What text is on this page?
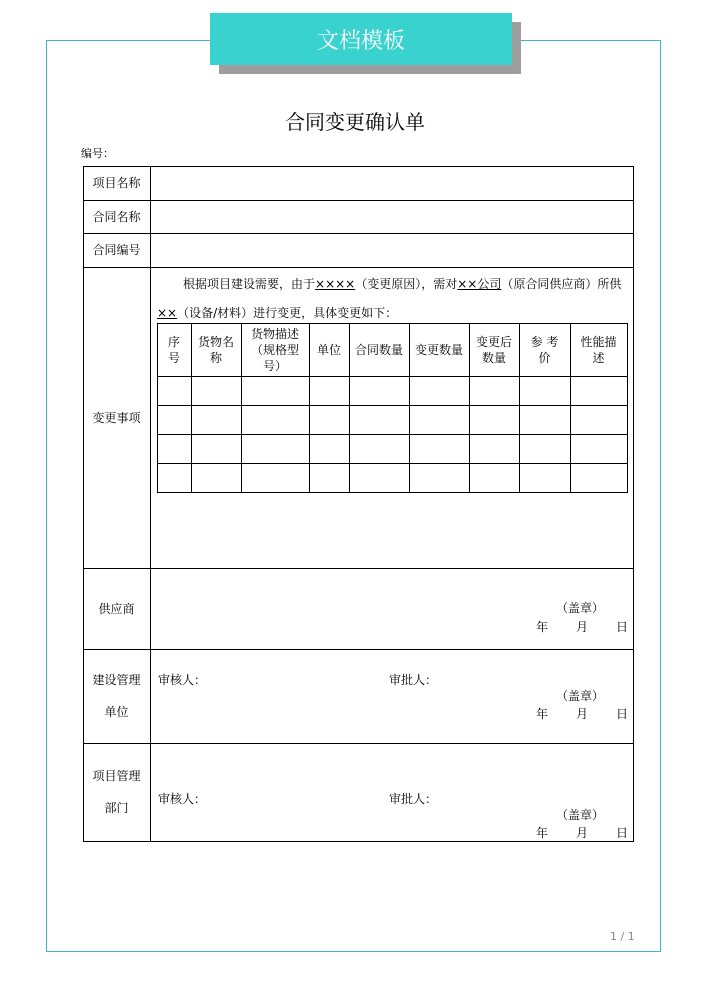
文档模板
合同变更确认单
编号：
项目名称
合同名称
合同编号
变更事项
供应商
建设管理单位
项目管理部门
根据项目建设需要，由于××××（变更原因），需对××公司（原合同供应商）所供××（设备/材料）进行变更，具体变更如下：
序号
货物名称
货物描述（规格型号）
单位 合同数量 变更数量
变更后数量
参 考价
性能描述
（盖章）
年 月 日
审核人：	审批人：
（盖章）
年 月 日
审核人：	审批人：
（盖章）
年 月 日
1 / 1
